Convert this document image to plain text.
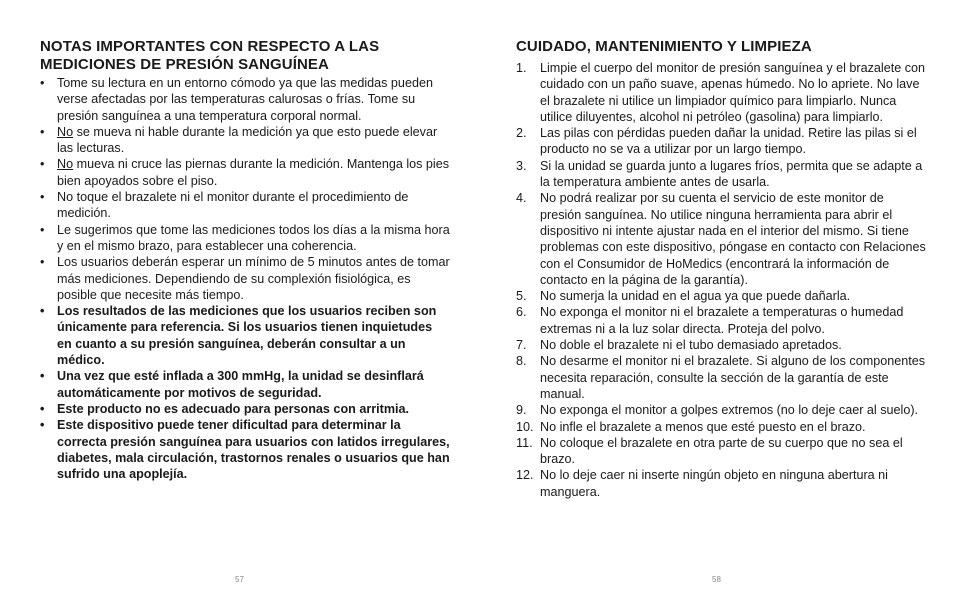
NOTAS IMPORTANTES CON RESPECTO A LAS
MEDICIONES DE PRESIÓN SANGUÍNEA
• Tome su lectura en un entorno cómodo ya que las medidas pueden verse afectadas por las temperaturas calurosas o frías. Tome su presión sanguínea a una temperatura corporal normal.
• No se mueva ni hable durante la medición ya que esto puede elevar las lecturas.
• No mueva ni cruce las piernas durante la medición. Mantenga los pies bien apoyados sobre el piso.
• No toque el brazalete ni el monitor durante el procedimiento de medición.
• Le sugerimos que tome las mediciones todos los días a la misma hora y en el mismo brazo, para establecer una coherencia.
• Los usuarios deberán esperar un mínimo de 5 minutos antes de tomar más mediciones. Dependiendo de su complexión fisiológica, es posible que necesite más tiempo.
• Los resultados de las mediciones que los usuarios reciben son únicamente para referencia. Si los usuarios tienen inquietudes en cuanto a su presión sanguínea, deberán consultar a un médico.
• Una vez que esté inflada a 300 mmHg, la unidad se desinflará automáticamente por motivos de seguridad.
• Este producto no es adecuado para personas con arritmia.
• Este dispositivo puede tener dificultad para determinar la correcta presión sanguínea para usuarios con latidos irregulares, diabetes, mala circulación, trastornos renales o usuarios que han sufrido una apoplejía.
57
CUIDADO, MANTENIMIENTO Y LIMPIEZA
1. Limpie el cuerpo del monitor de presión sanguínea y el brazalete con cuidado con un paño suave, apenas húmedo. No lo apriete. No lave el brazalete ni utilice un limpiador químico para limpiarlo. Nunca utilice diluyentes, alcohol ni petróleo (gasolina) para limpiarlo.
2. Las pilas con pérdidas pueden dañar la unidad. Retire las pilas si el producto no se va a utilizar por un largo tiempo.
3. Si la unidad se guarda junto a lugares fríos, permita que se adapte a la temperatura ambiente antes de usarla.
4. No podrá realizar por su cuenta el servicio de este monitor de presión sanguínea. No utilice ninguna herramienta para abrir el dispositivo ni intente ajustar nada en el interior del mismo. Si tiene problemas con este dispositivo, póngase en contacto con Relaciones con el Consumidor de HoMedics (encontrará la información de contacto en la página de la garantía).
5. No sumerja la unidad en el agua ya que puede dañarla.
6. No exponga el monitor ni el brazalete a temperaturas o humedad extremas ni a la luz solar directa. Proteja del polvo.
7. No doble el brazalete ni el tubo demasiado apretados.
8. No desarme el monitor ni el brazalete. Si alguno de los componentes necesita reparación, consulte la sección de la garantía de este manual.
9. No exponga el monitor a golpes extremos (no lo deje caer al suelo).
10. No infle el brazalete a menos que esté puesto en el brazo.
11. No coloque el brazalete en otra parte de su cuerpo que no sea el brazo.
12. No lo deje caer ni inserte ningún objeto en ninguna abertura ni manguera.
58
